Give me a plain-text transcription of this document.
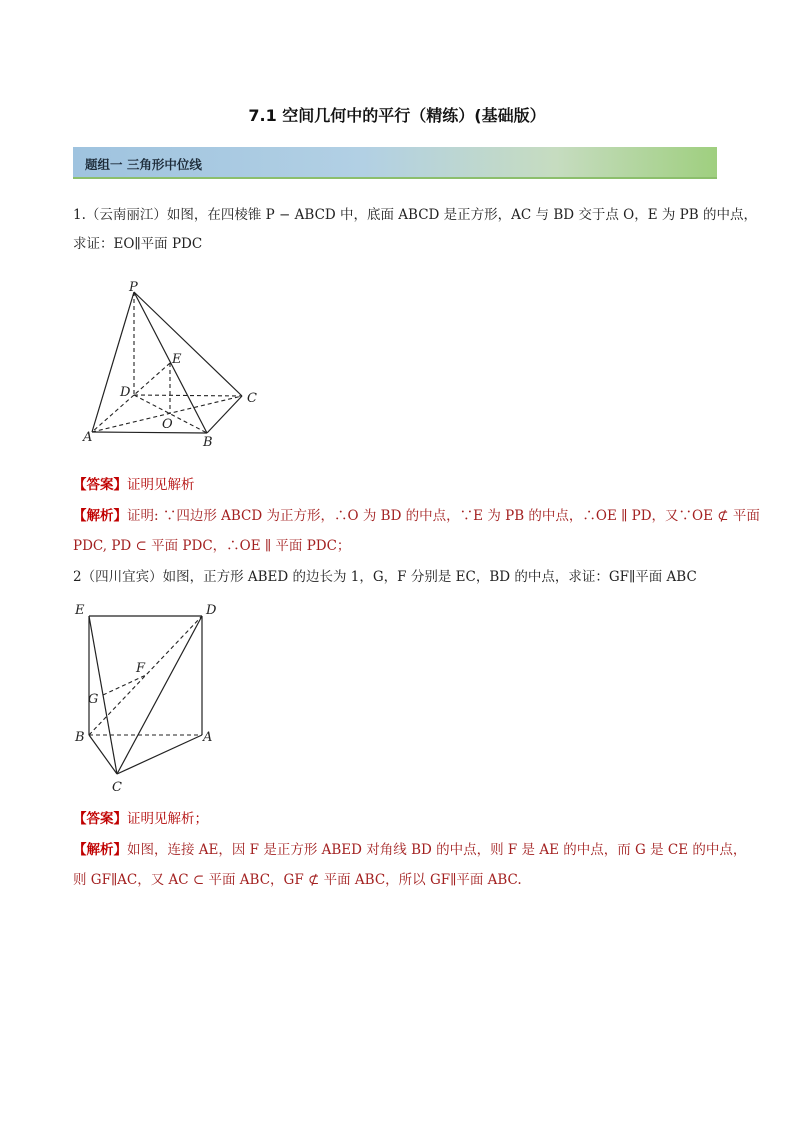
7.1 空间几何中的平行（精练）(基础版）
题组一 三角形中位线
1.（云南丽江）如图，在四棱锥 P − ABCD 中，底面 ABCD 是正方形，AC 与 BD 交于点 O，E 为 PB 的中点，
求证：EO∥平面 PDC
P
E
D	C
O
A	B
【答案】证明见解析
【解析】证明: ∵四边形 ABCD 为正方形，∴O 为 BD 的中点，∵E 为 PB 的中点，∴OE ∥ PD，又∵OE ⊄ 平面
PDC, PD ⊂ 平面 PDC，∴OE ∥ 平面 PDC；
2（四川宜宾）如图，正方形 ABED 的边长为 1，G，F 分别是 EC，BD 的中点，求证：GF∥平面 ABC
E	D
F
G
B	A
C
【答案】证明见解析；
【解析】如图，连接 AE，因 F 是正方形 ABED 对角线 BD 的中点，则 F 是 AE 的中点，而 G 是 CE 的中点，
则 GF∥AC，又 AC ⊂ 平面 ABC，GF ⊄ 平面 ABC，所以 GF∥平面 ABC.
